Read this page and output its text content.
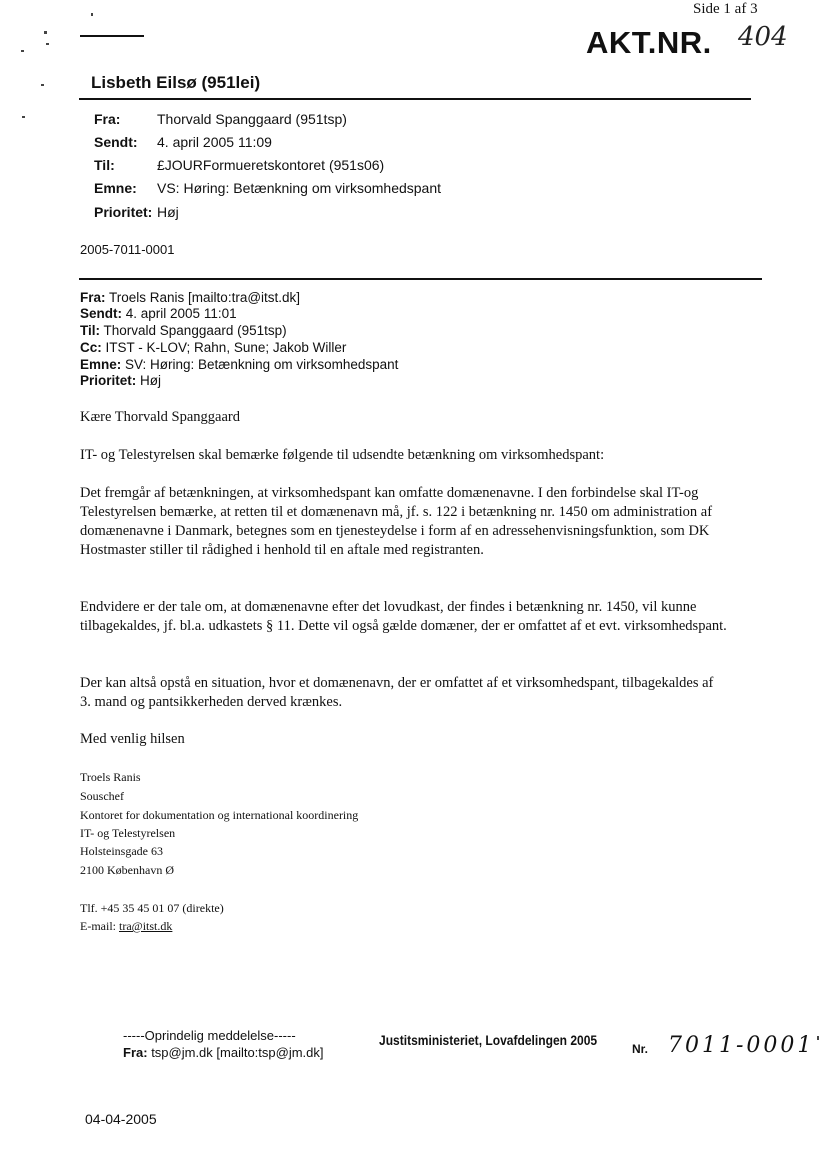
Side 1 af 3
AKT.NR. 404
Lisbeth Eilsø (951lei)
Fra:	Thorvald Spanggaard (951tsp)
Sendt: 4. april 2005 11:09
Til:	£JOURFormueretskontoret (951s06)
Emne: VS: Høring: Betænkning om virksomhedspant
Prioritet: Høj
2005-7011-0001
Fra: Troels Ranis [mailto:tra@itst.dk]
Sendt: 4. april 2005 11:01
Til: Thorvald Spanggaard (951tsp)
Cc: ITST - K-LOV; Rahn, Sune; Jakob Willer
Emne: SV: Høring: Betænkning om virksomhedspant
Prioritet: Høj
Kære Thorvald Spanggaard
IT- og Telestyrelsen skal bemærke følgende til udsendte betænkning om virksomhedspant:
Det fremgår af betænkningen, at virksomhedspant kan omfatte domænenavne. I den forbindelse skal IT-og Telestyrelsen bemærke, at retten til et domænenavn må, jf. s. 122 i betænkning nr. 1450 om administration af domænenavne i Danmark, betegnes som en tjenesteydelse i form af en adressehenvisningsfunktion, som DK Hostmaster stiller til rådighed i henhold til en aftale med registranten.
Endvidere er der tale om, at domænenavne efter det lovudkast, der findes i betænkning nr. 1450, vil kunne tilbagekaldes, jf. bl.a. udkastets § 11. Dette vil også gælde domæner, der er omfattet af et evt. virksomhedspant.
Der kan altså opstå en situation, hvor et domænenavn, der er omfattet af et virksomhedspant, tilbagekaldes af 3. mand og pantsikkerheden derved krænkes.
Med venlig hilsen
Troels Ranis
Souschef
Kontoret for dokumentation og international koordinering
IT- og Telestyrelsen
Holsteinsgade 63
2100 København Ø
Tlf. +45 35 45 01 07 (direkte)
E-mail: tra@itst.dk
-----Oprindelig meddelelse-----
Fra: tsp@jm.dk [mailto:tsp@jm.dk]
Justitsministeriet, Lovafdelingen 2005
Nr. 7011-0001
04-04-2005
